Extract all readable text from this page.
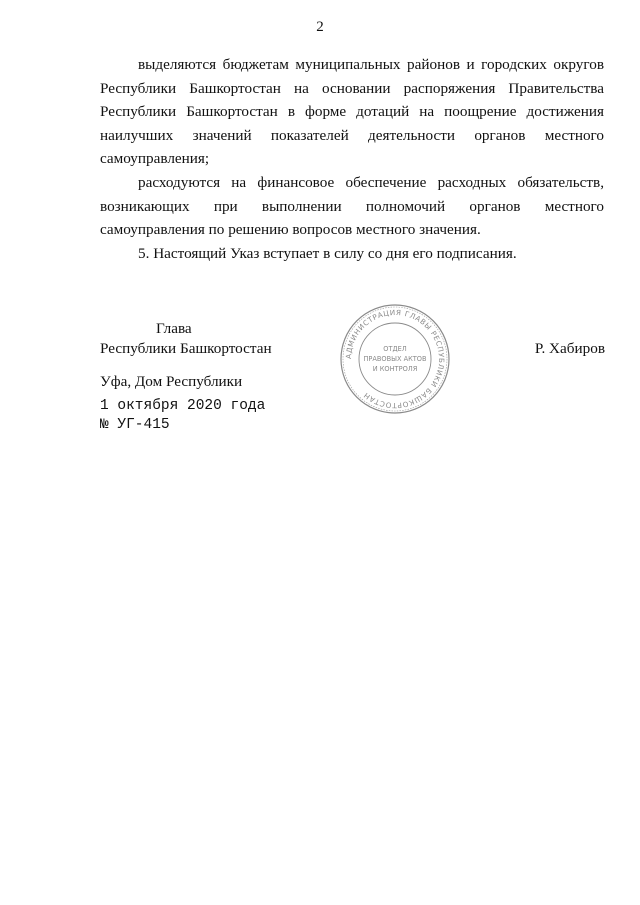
2

выделяются бюджетам муниципальных районов и городских округов Республики Башкортостан на основании распоряжения Правительства Республики Башкортостан в форме дотаций на поощрение достижения наилучших значений показателей деятельности органов местного самоуправления;

расходуются на финансовое обеспечение расходных обязательств, возникающих при выполнении полномочий органов местного самоуправления по решению вопросов местного значения.

5. Настоящий Указ вступает в силу со дня его подписания.

Глава
Республики Башкортостан	Р. Хабиров
Уфа, Дом Республики
1 октября 2020 года
№ УГ-415
АДМИНИСТРАЦИЯ ГЛАВЫ РЕСПУБЛИКИ БАШКОРТОСТАН
ОТДЕЛ
ПРАВОВЫХ АКТОВ
И КОНТРОЛЯ
